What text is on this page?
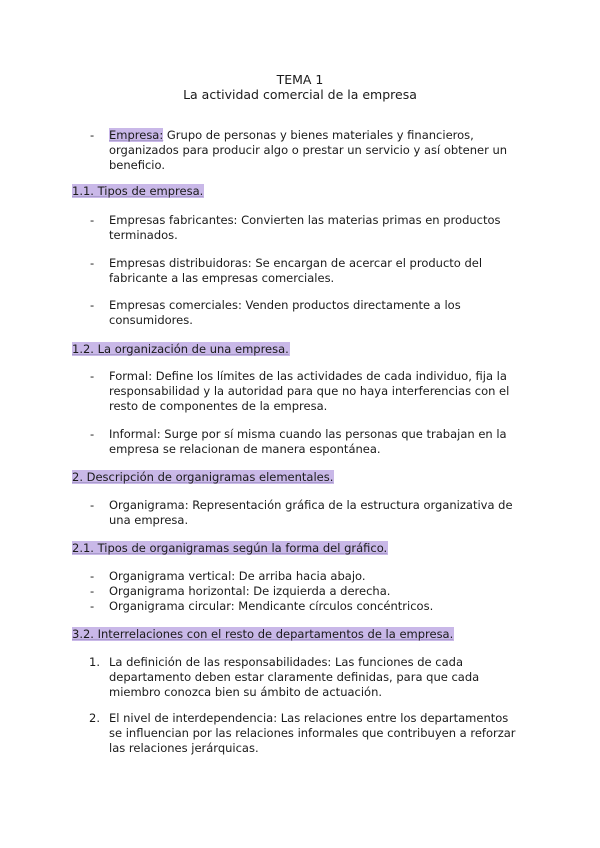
TEMA 1
La actividad comercial de la empresa
- Empresa: Grupo de personas y bienes materiales y financieros, organizados para producir algo o prestar un servicio y así obtener un beneficio.
1.1. Tipos de empresa.
- Empresas fabricantes: Convierten las materias primas en productos terminados.
- Empresas distribuidoras: Se encargan de acercar el producto del fabricante a las empresas comerciales.
- Empresas comerciales: Venden productos directamente a los consumidores.
1.2. La organización de una empresa.
- Formal: Define los límites de las actividades de cada individuo, fija la responsabilidad y la autoridad para que no haya interferencias con el resto de componentes de la empresa.
- Informal: Surge por sí misma cuando las personas que trabajan en la empresa se relacionan de manera espontánea.
2. Descripción de organigramas elementales.
- Organigrama: Representación gráfica de la estructura organizativa de una empresa.
2.1. Tipos de organigramas según la forma del gráfico.
- Organigrama vertical: De arriba hacia abajo.
- Organigrama horizontal: De izquierda a derecha.
- Organigrama circular: Mendicante círculos concéntricos.
3.2. Interrelaciones con el resto de departamentos de la empresa.
1. La definición de las responsabilidades: Las funciones de cada departamento deben estar claramente definidas, para que cada miembro conozca bien su ámbito de actuación.
2. El nivel de interdependencia: Las relaciones entre los departamentos se influencian por las relaciones informales que contribuyen a reforzar las relaciones jerárquicas.
